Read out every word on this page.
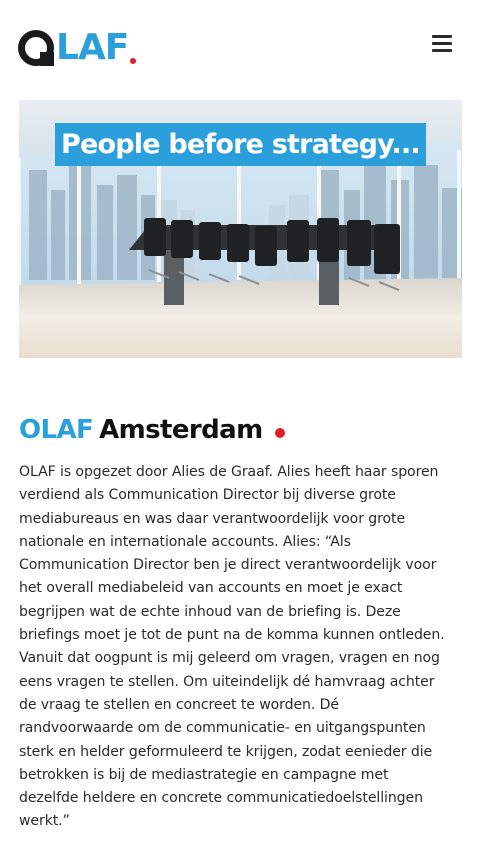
LAF
People before strategy...
OLAF Amsterdam
OLAF is opgezet door Alies de Graaf. Alies heeft haar sporen
verdiend als Communication Director bij diverse grote
mediabureaus en was daar verantwoordelijk voor grote
nationale en internationale accounts. Alies: “Als
Communication Director ben je direct verantwoordelijk voor
het overall mediabeleid van accounts en moet je exact
begrijpen wat de echte inhoud van de briefing is. Deze
briefings moet je tot de punt na de komma kunnen ontleden.
Vanuit dat oogpunt is mij geleerd om vragen, vragen en nog
eens vragen te stellen. Om uiteindelijk dé hamvraag achter
de vraag te stellen en concreet te worden. Dé
randvoorwaarde om de communicatie- en uitgangspunten
sterk en helder geformuleerd te krijgen, zodat eenieder die
betrokken is bij de mediastrategie en campagne met
dezelfde heldere en concrete communicatiedoelstellingen
werkt.”
